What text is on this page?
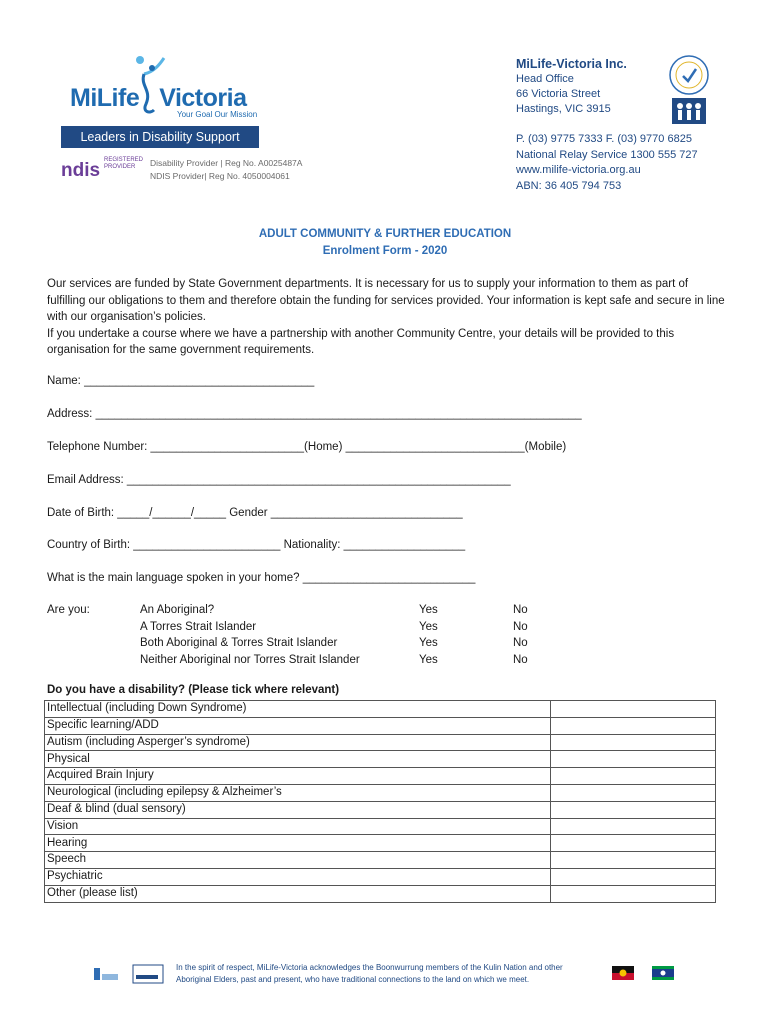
MiLife Victoria
Your Goal Our Mission
Leaders in Disability Support
ndis REGISTERED
PROVIDER	Disability Provider | Reg No. A0025487A
NDIS Provider| Reg No. 4050004061
MiLife-Victoria Inc.
Head Office
66 Victoria Street
Hastings, VIC 3915
P. (03) 9775 7333 F. (03) 9770 6825
National Relay Service 1300 555 727
www.milife-victoria.org.au
ABN: 36 405 794 753
ADULT COMMUNITY & FURTHER EDUCATION
Enrolment Form - 2020

Our services are funded by State Government departments. It is necessary for us to supply your information to them as part of fulfilling our obligations to them and therefore obtain the funding for services provided. Your information is kept safe and secure in line with our organisation’s policies.

If you undertake a course where we have a partnership with another Community Centre, your details will be provided to this organisation for the same government requirements.

Name: ____________________________________
Address: ____________________________________________________________________________
Telephone Number: ________________________(Home) ____________________________(Mobile)
Email Address: ____________________________________________________________
Date of Birth: _____/______/_____ Gender ______________________________
Country of Birth: _______________________ Nationality: ___________________
What is the main language spoken in your home? ___________________________
Are you:	An Aboriginal?	Yes	No
A Torres Strait Islander	Yes	No
Both Aboriginal & Torres Strait Islander	Yes	No
Neither Aboriginal nor Torres Strait Islander	Yes	No
Do you have a disability? (Please tick where relevant)
Intellectual (including Down Syndrome)	
Specific learning/ADD	
Autism (including Asperger’s syndrome)	
Physical	
Acquired Brain Injury	
Neurological (including epilepsy & Alzheimer’s	
Deaf & blind (dual sensory)	
Vision	
Hearing	
Speech	
Psychiatric	
Other (please list)	
In the spirit of respect, MiLife-Victoria acknowledges the Boonwurrung members of the Kulin Nation and other Aboriginal Elders, past and present, who have traditional connections to the land on which we meet.
